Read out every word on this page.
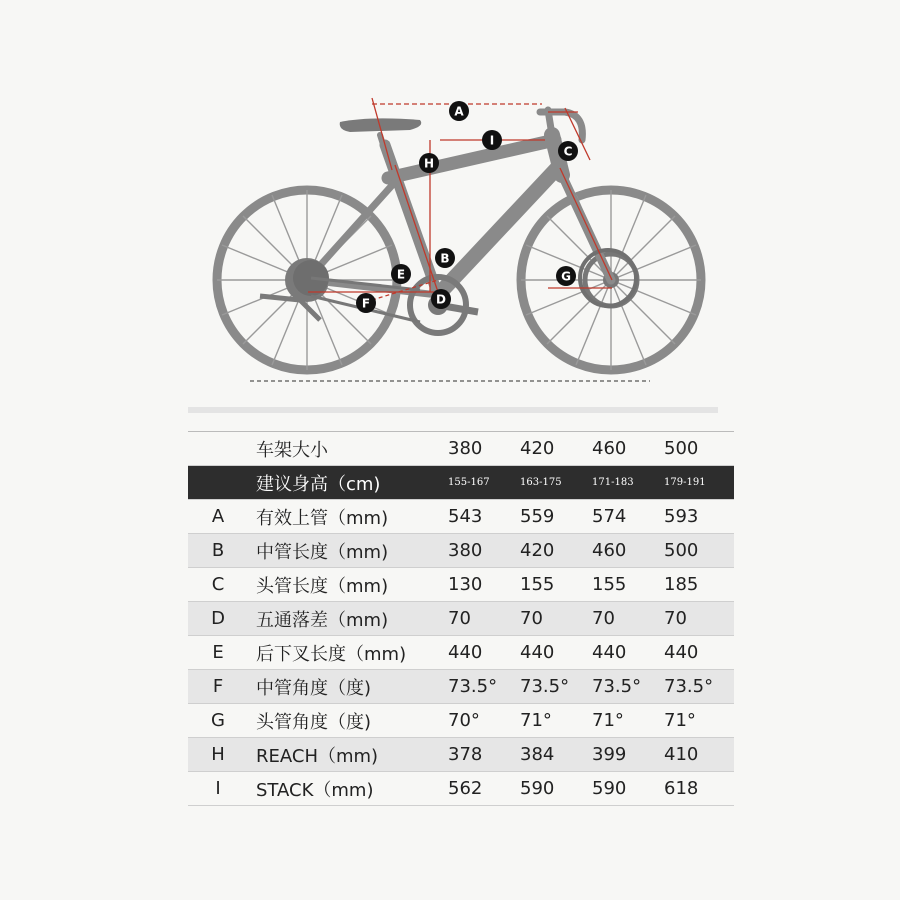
A
I
C
H
B
E	G
D
F
	车架大小	380	420	460	500
	建议身高（cm)	155-167	163-175	171-183	179-191
A	有效上管（mm)	543	559	574	593
B	中管长度（mm)	380	420	460	500
C	头管长度（mm)	130	155	155	185
D	五通落差（mm)	70	70	70	70
E	后下叉长度（mm)	440	440	440	440
F	中管角度（度)	73.5°	73.5°	73.5°	73.5°
G	头管角度（度)	70°	71°	71°	71°
H	REACH（mm)	378	384	399	410
I	STACK（mm)	562	590	590	618
